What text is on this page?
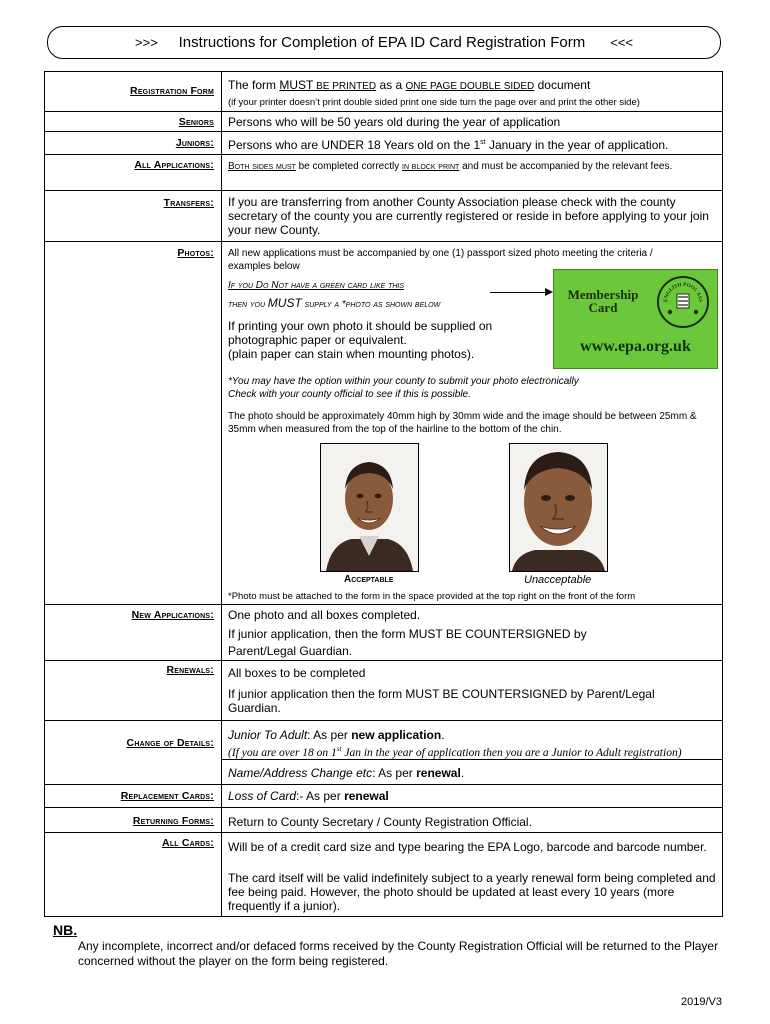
>>> Instructions for Completion of EPA ID Card Registration Form <<<
Registration Form The form MUST BE PRINTED as a ONE PAGE DOUBLE SIDED document
(if your printer doesn’t print double sided print one side turn the page over and print the other side)
Seniors Persons who will be 50 years old during the year of application
Juniors: Persons who are UNDER 18 Years old on the 1st January in the year of application.
All Applications: Both sides must be completed correctly in block print and must be accompanied by the relevant fees.
Transfers: If you are transferring from another County Association please check with the county secretary of the county you are currently registered or reside in before applying to your join your new County.
Photos: All new applications must be accompanied by one (1) passport sized photo meeting the criteria / examples below
If you Do Not have a green card like this
then you MUST supply a *photo as shown below
Membership Card	ENGLISH POOL ASS
www.epa.org.uk
If printing your own photo it should be supplied on photographic paper or equivalent.
(plain paper can stain when mounting photos).
*You may have the option within your county to submit your photo electronically
Check with your county official to see if this is possible.
The photo should be approximately 40mm high by 30mm wide and the image should be between 25mm & 35mm when measured from the top of the hairline to the bottom of the chin.
Acceptable	Unacceptable
*Photo must be attached to the form in the space provided at the top right on the front of the form
New Applications: One photo and all boxes completed.
If junior application, then the form MUST BE COUNTERSIGNED by Parent/Legal Guardian.
Renewals: All boxes to be completed
If junior application then the form MUST BE COUNTERSIGNED by Parent/Legal Guardian.
Change of Details:
Junior To Adult: As per new application.
(If you are over 18 on 1st Jan in the year of application then you are a Junior to Adult registration)
Name/Address Change etc: As per renewal.
Replacement Cards: Loss of Card:- As per renewal
Returning Forms: Return to County Secretary / County Registration Official.
All Cards: Will be of a credit card size and type bearing the EPA Logo, barcode and barcode number.
The card itself will be valid indefinitely subject to a yearly renewal form being completed and fee being paid. However, the photo should be updated at least every 10 years (more frequently if a junior).
NB.
Any incomplete, incorrect and/or defaced forms received by the County Registration Official will be returned to the Player concerned without the player on the form being registered.
2019/V3
